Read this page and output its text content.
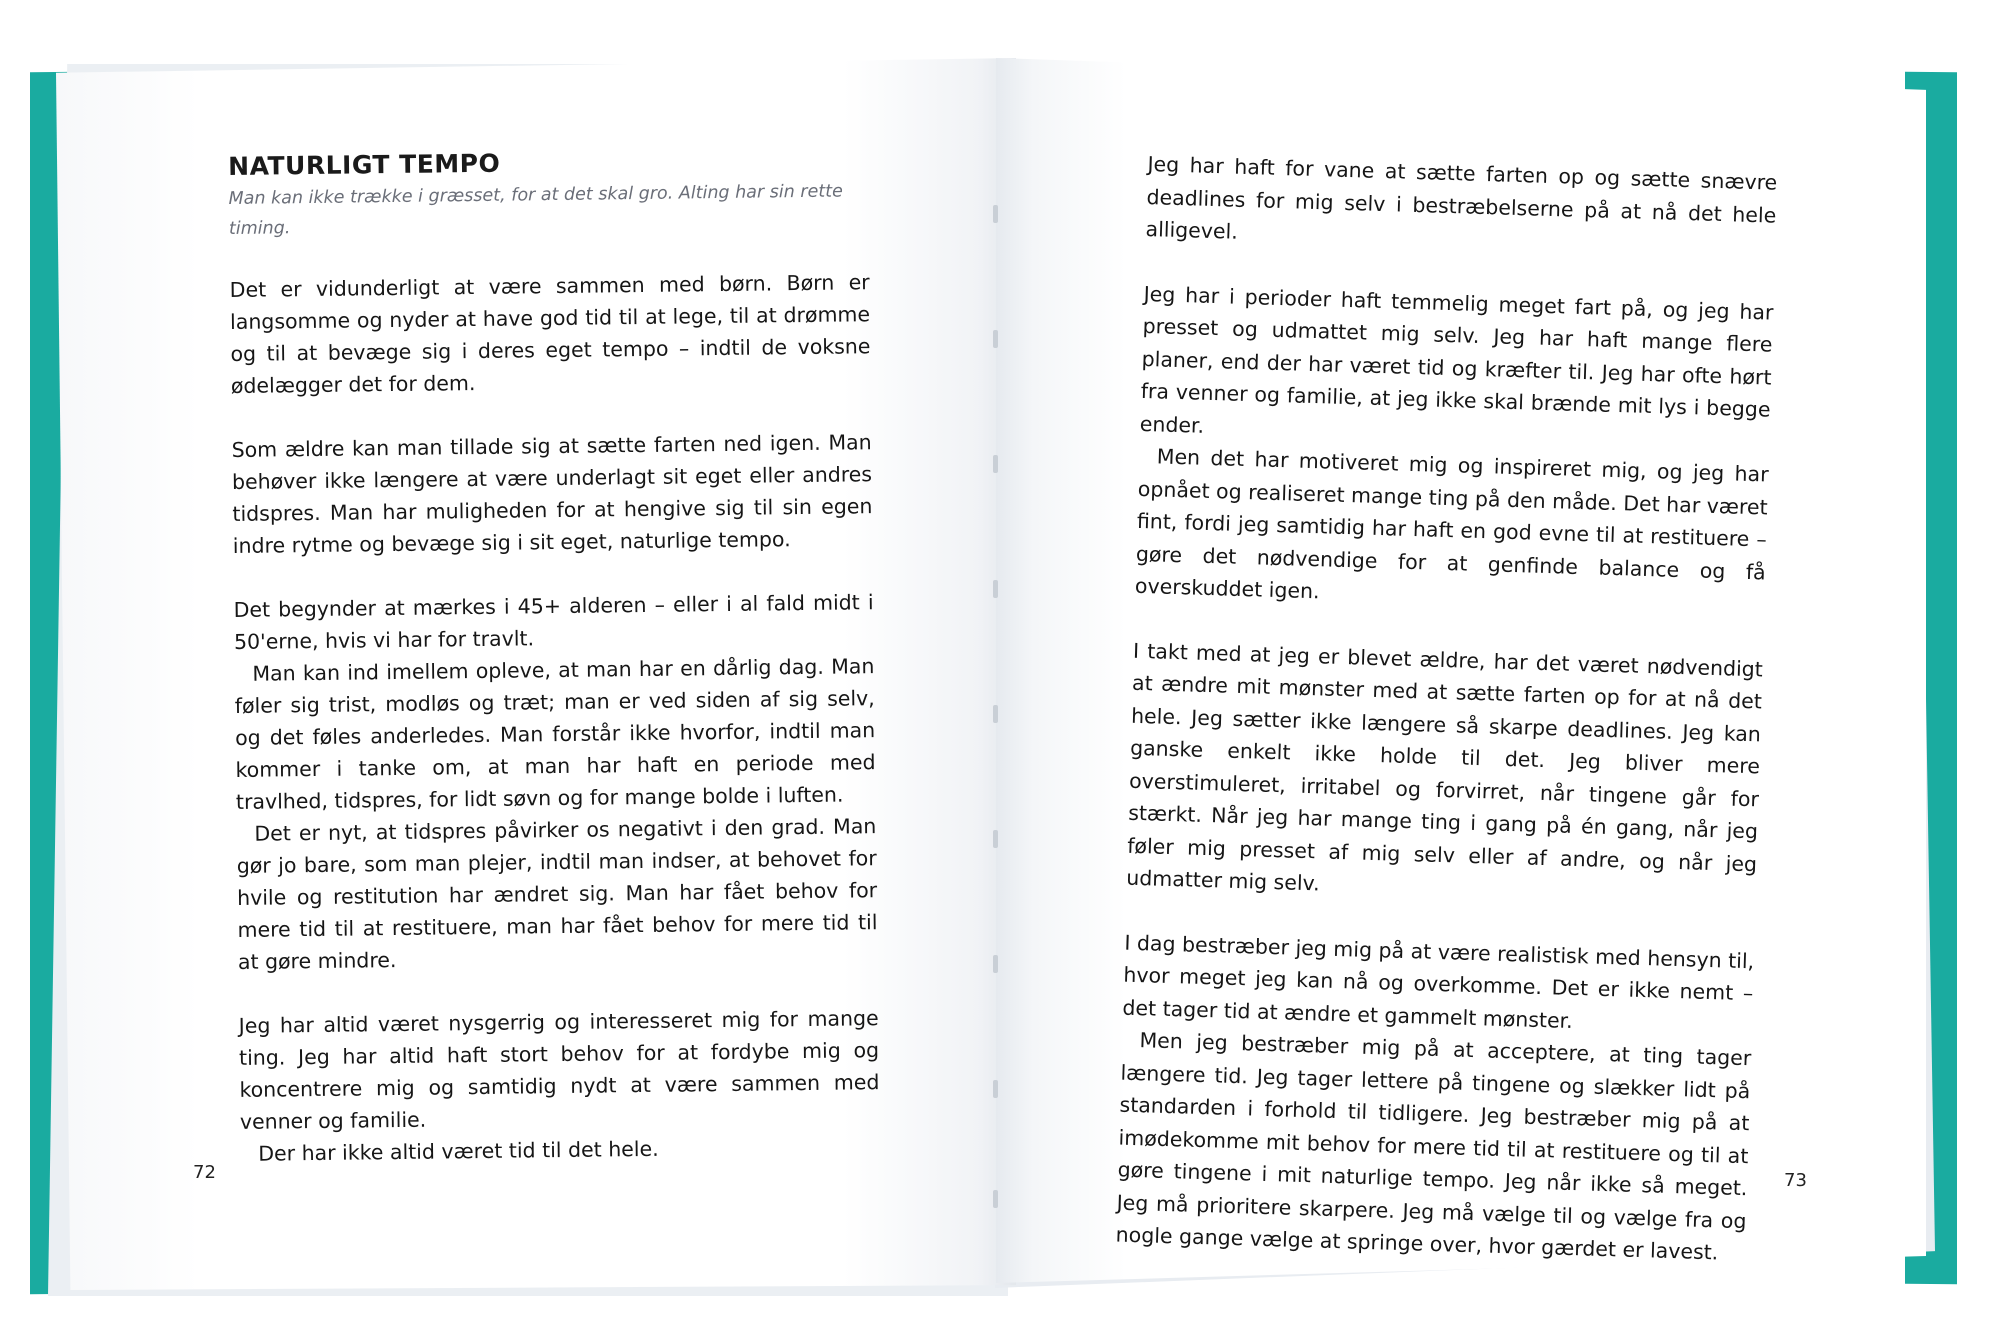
NATURLIGT TEMPO

Man kan ikke trække i græsset, for at det skal gro. Alting har sin rette timing.

Det er vidunderligt at være sammen med børn. Børn er langsomme og nyder at have god tid til at lege, til at drømme og til at bevæge sig i deres eget tempo – indtil de voksne ødelægger det for dem.

Som ældre kan man tillade sig at sætte farten ned igen. Man behøver ikke længere at være underlagt sit eget eller andres tidspres. Man har muligheden for at hengive sig til sin egen indre rytme og bevæge sig i sit eget, naturlige tempo.

Det begynder at mærkes i 45+ alderen – eller i al fald midt i 50'erne, hvis vi har for travlt.

Man kan ind imellem opleve, at man har en dårlig dag. Man føler sig trist, modløs og træt; man er ved siden af sig selv, og det føles anderledes. Man forstår ikke hvorfor, indtil man kommer i tanke om, at man har haft en periode med travlhed, tidspres, for lidt søvn og for mange bolde i luften.

Det er nyt, at tidspres påvirker os negativt i den grad. Man gør jo bare, som man plejer, indtil man indser, at behovet for hvile og restitution har ændret sig. Man har fået behov for mere tid til at restituere, man har fået behov for mere tid til at gøre mindre.

Jeg har altid været nysgerrig og interesseret mig for mange ting. Jeg har altid haft stort behov for at fordybe mig og koncentrere mig og samtidig nydt at være sammen med venner og familie.

Der har ikke altid været tid til det hele.

72

Jeg har haft for vane at sætte farten op og sætte snævre deadlines for mig selv i bestræbelserne på at nå det hele alligevel.

Jeg har i perioder haft temmelig meget fart på, og jeg har presset og udmattet mig selv. Jeg har haft mange flere planer, end der har været tid og kræfter til. Jeg har ofte hørt fra venner og familie, at jeg ikke skal brænde mit lys i begge ender.

Men det har motiveret mig og inspireret mig, og jeg har opnået og realiseret mange ting på den måde. Det har været fint, fordi jeg samtidig har haft en god evne til at restituere – gøre det nødvendige for at genfinde balance og få overskuddet igen.

I takt med at jeg er blevet ældre, har det været nødvendigt at ændre mit mønster med at sætte farten op for at nå det hele. Jeg sætter ikke længere så skarpe deadlines. Jeg kan ganske enkelt ikke holde til det. Jeg bliver mere overstimuleret, irritabel og forvirret, når tingene går for stærkt. Når jeg har mange ting i gang på én gang, når jeg føler mig presset af mig selv eller af andre, og når jeg udmatter mig selv.

I dag bestræber jeg mig på at være realistisk med hensyn til, hvor meget jeg kan nå og overkomme. Det er ikke nemt – det tager tid at ændre et gammelt mønster.

Men jeg bestræber mig på at acceptere, at ting tager længere tid. Jeg tager lettere på tingene og slækker lidt på standarden i forhold til tidligere. Jeg bestræber mig på at imødekomme mit behov for mere tid til at restituere og til at gøre tingene i mit naturlige tempo. Jeg når ikke så meget. Jeg må prioritere skarpere. Jeg må vælge til og vælge fra og nogle gange vælge at springe over, hvor gærdet er lavest.

73
